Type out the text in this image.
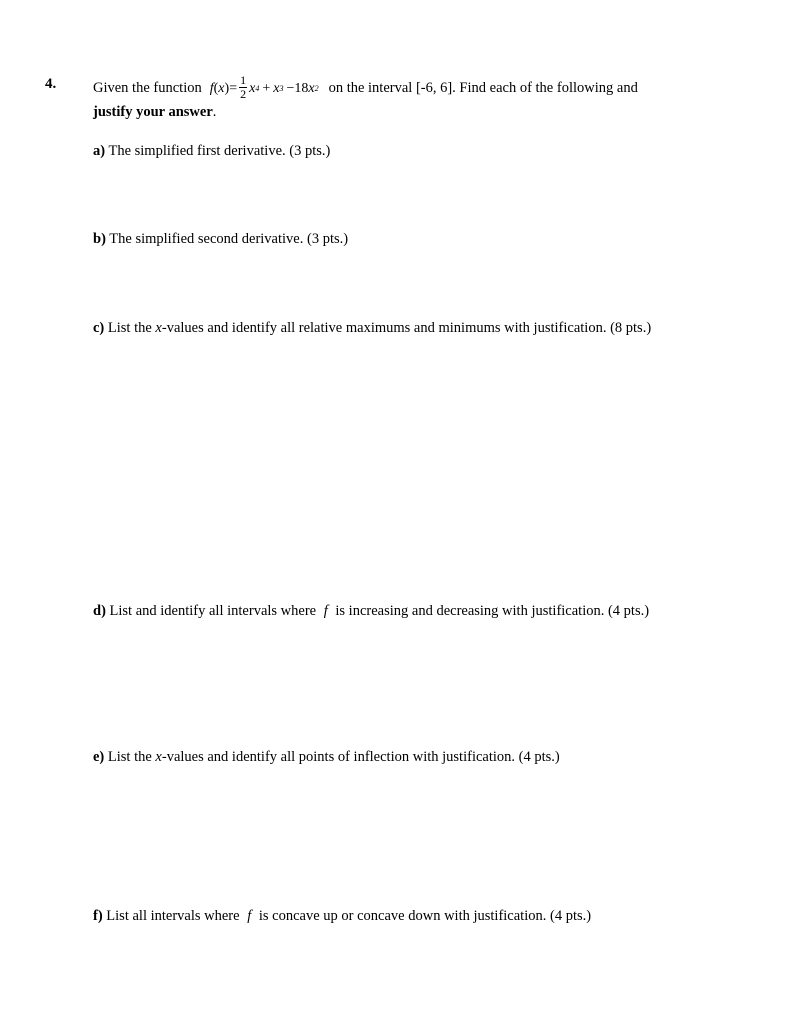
4.	Given the function f ( x ) = $\frac{1}{2}$ x 4 + x 3 −18 x 2 on the interval [-6, 6]. Find each of the following and
justify your answer.
a) The simplified first derivative. (3 pts.)
b) The simplified second derivative. (3 pts.)
c) List the x-values and identify all relative maximums and minimums with justification. (8 pts.)
d) List and identify all intervals where f is increasing and decreasing with justification. (4 pts.)
e) List the x-values and identify all points of inflection with justification. (4 pts.)
f) List all intervals where f is concave up or concave down with justification. (4 pts.)
